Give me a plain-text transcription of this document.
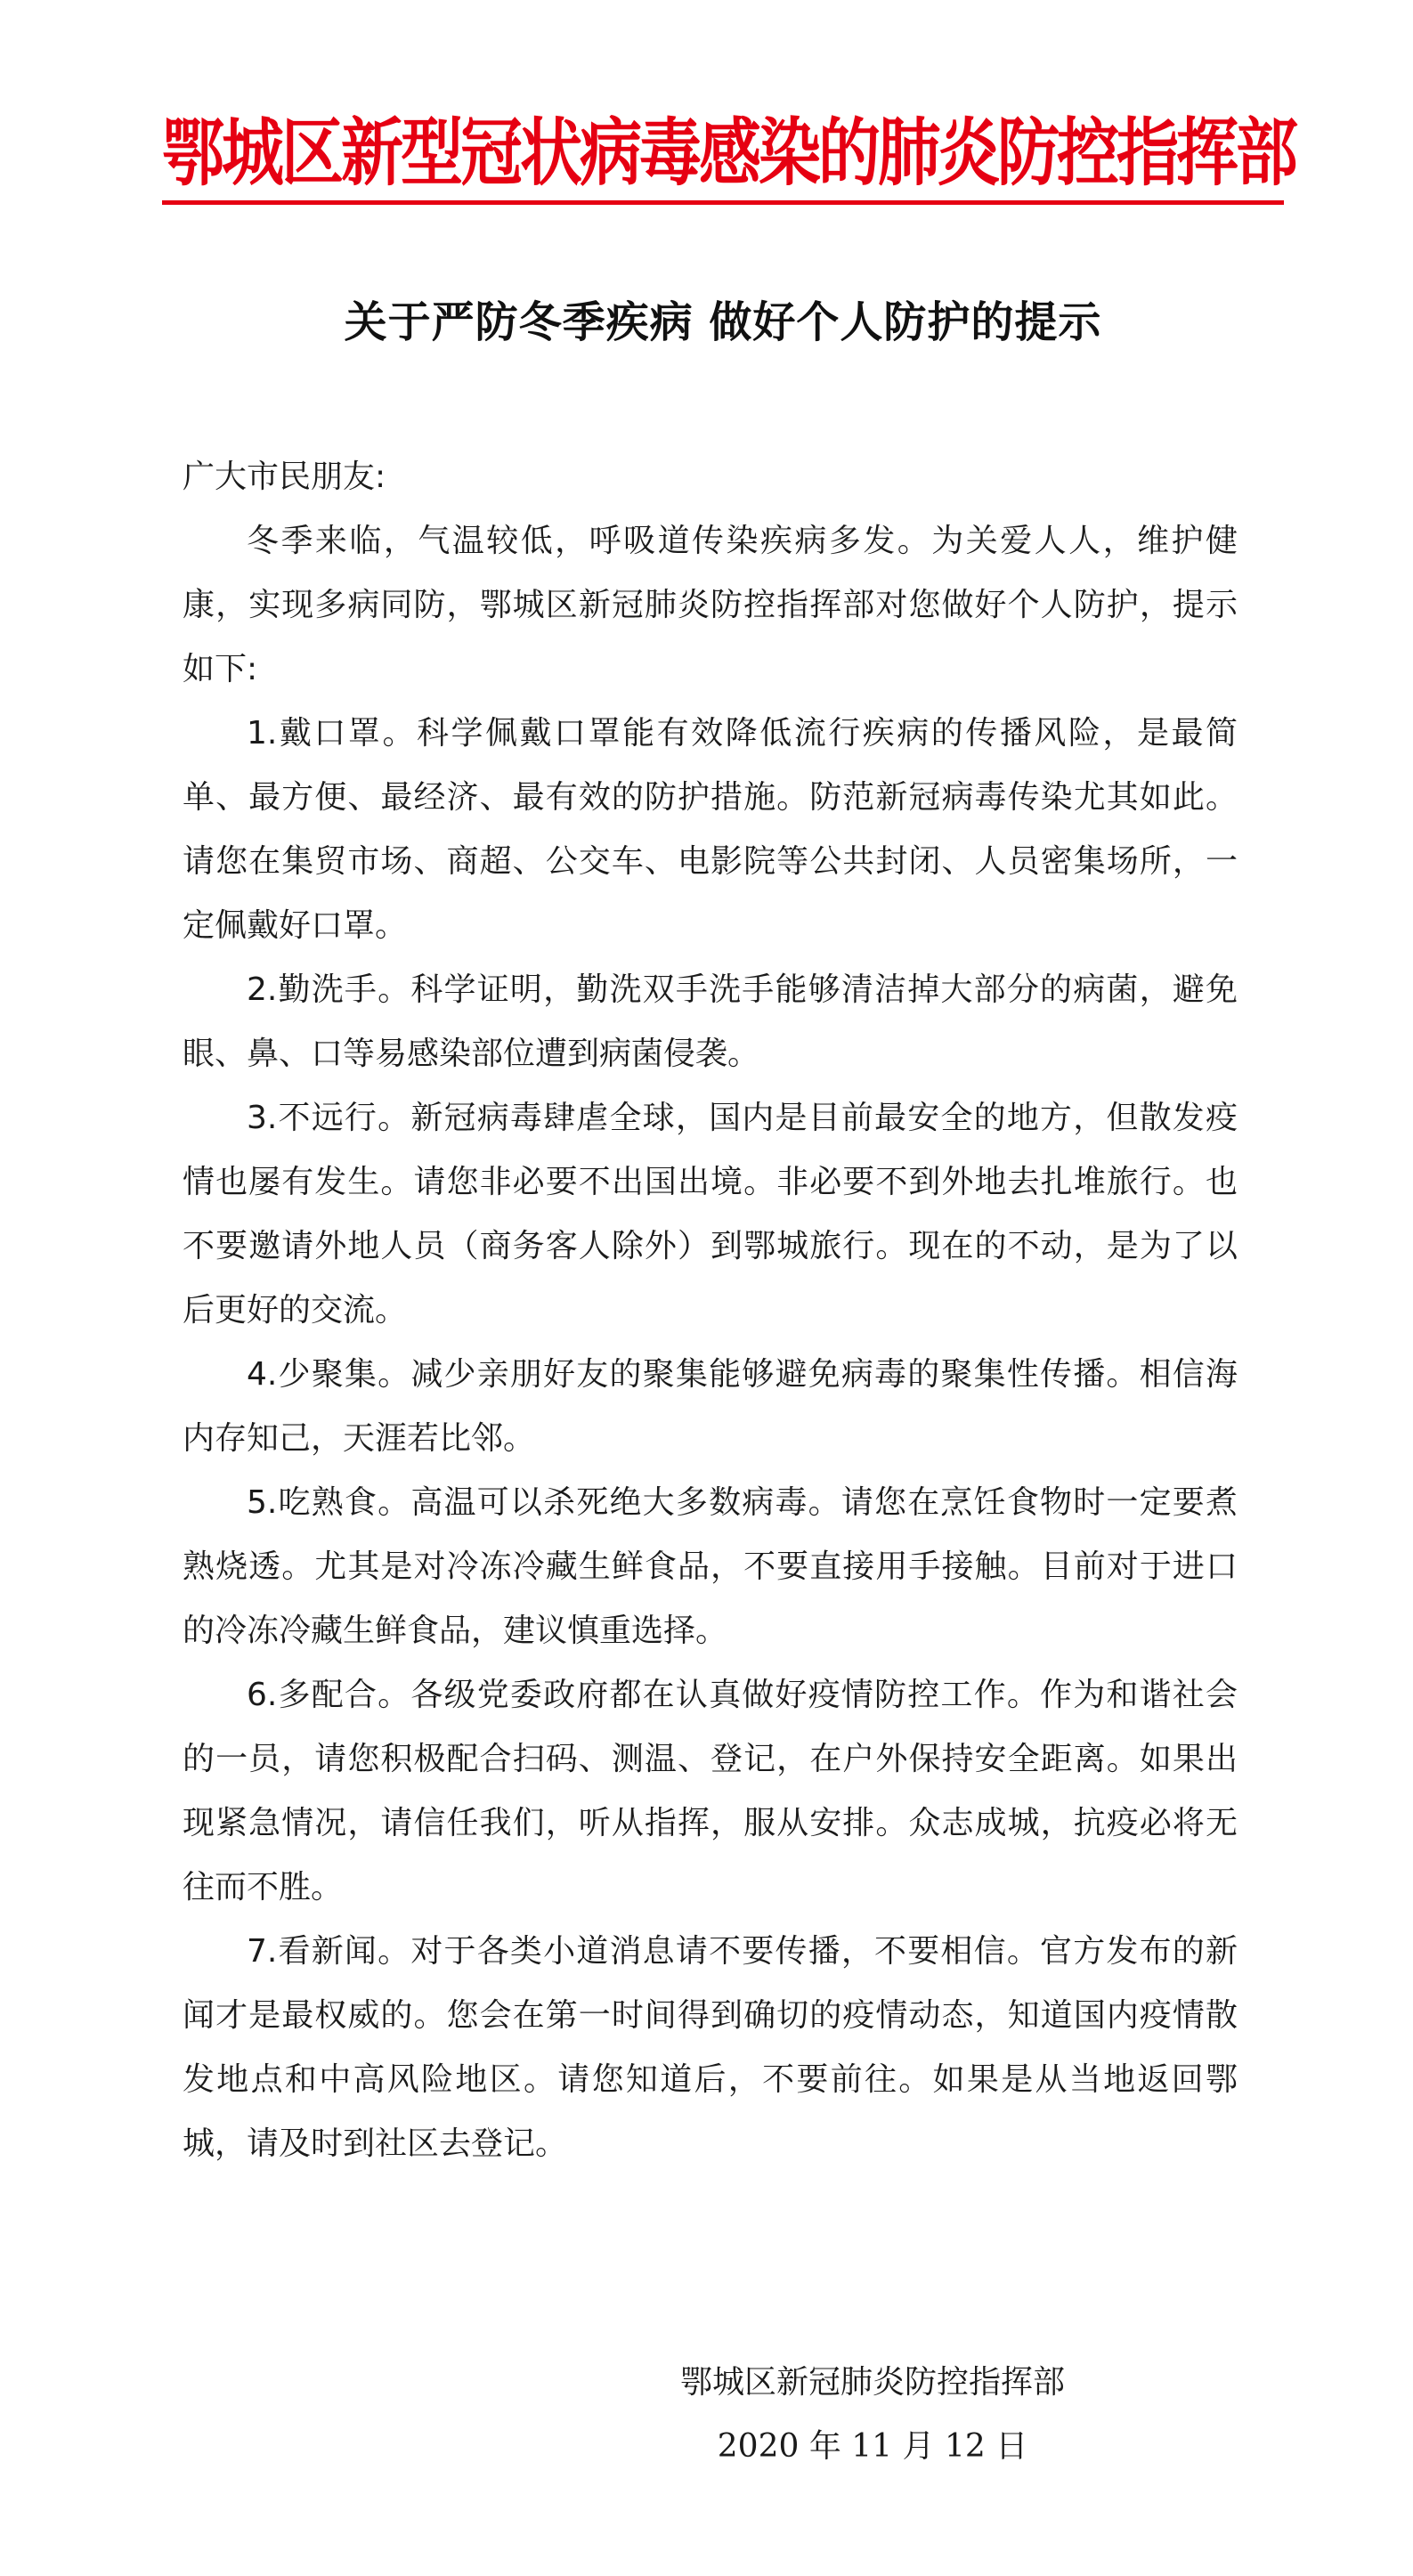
鄂城区新型冠状病毒感染的肺炎防控指挥部
关于严防冬季疾病 做好个人防护的提示

广大市民朋友:

冬季来临，气温较低，呼吸道传染疾病多发。为关爱人人，维护健康，实现多病同防，鄂城区新冠肺炎防控指挥部对您做好个人防护，提示如下:

1.戴口罩。科学佩戴口罩能有效降低流行疾病的传播风险，是最简单、最方便、最经济、最有效的防护措施。防范新冠病毒传染尤其如此。请您在集贸市场、商超、公交车、电影院等公共封闭、人员密集场所，一定佩戴好口罩。

2.勤洗手。科学证明，勤洗双手洗手能够清洁掉大部分的病菌，避免眼、鼻、口等易感染部位遭到病菌侵袭。

3.不远行。新冠病毒肆虐全球，国内是目前最安全的地方，但散发疫情也屡有发生。请您非必要不出国出境。非必要不到外地去扎堆旅行。也不要邀请外地人员（商务客人除外）到鄂城旅行。现在的不动，是为了以后更好的交流。

4.少聚集。减少亲朋好友的聚集能够避免病毒的聚集性传播。相信海内存知己，天涯若比邻。

5.吃熟食。高温可以杀死绝大多数病毒。请您在烹饪食物时一定要煮熟烧透。尤其是对冷冻冷藏生鲜食品，不要直接用手接触。目前对于进口的冷冻冷藏生鲜食品，建议慎重选择。

6.多配合。各级党委政府都在认真做好疫情防控工作。作为和谐社会的一员，请您积极配合扫码、测温、登记，在户外保持安全距离。如果出现紧急情况，请信任我们，听从指挥，服从安排。众志成城，抗疫必将无往而不胜。

7.看新闻。对于各类小道消息请不要传播，不要相信。官方发布的新闻才是最权威的。您会在第一时间得到确切的疫情动态，知道国内疫情散发地点和中高风险地区。请您知道后，不要前往。如果是从当地返回鄂城，请及时到社区去登记。

鄂城区新冠肺炎防控指挥部
2020 年 11 月 12 日
